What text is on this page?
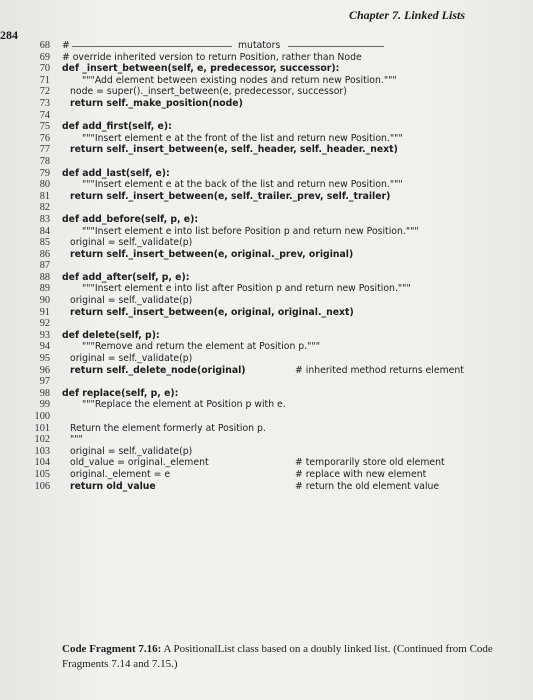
284
Chapter 7. Linked Lists
68 #	mutators
69 # override inherited version to return Position, rather than Node
70 def _insert_between(self, e, predecessor, successor):
71	"""Add element between existing nodes and return new Position."""
72 node = super()._insert_between(e, predecessor, successor)
73 return self._make_position(node)
74
75 def add_first(self, e):
76	"""Insert element e at the front of the list and return new Position."""
77 return self._insert_between(e, self._header, self._header._next)
78
79 def add_last(self, e):
80	"""Insert element e at the back of the list and return new Position."""
81 return self._insert_between(e, self._trailer._prev, self._trailer)
82
83 def add_before(self, p, e):
84	"""Insert element e into list before Position p and return new Position."""
85 original = self._validate(p)
86 return self._insert_between(e, original._prev, original)
87
88 def add_after(self, p, e):
89	"""Insert element e into list after Position p and return new Position."""
90 original = self._validate(p)
91 return self._insert_between(e, original, original._next)
92
93 def delete(self, p):
94	"""Remove and return the element at Position p."""
95 original = self._validate(p)
96 return self._delete_node(original)	# inherited method returns element
97
98 def replace(self, p, e):
99	"""Replace the element at Position p with e.
100
101 Return the element formerly at Position p.
102 """
103 original = self._validate(p)
104 old_value = original._element	# temporarily store old element
105 original._element = e	# replace with new element
106 return old_value	# return the old element value
Code Fragment 7.16: A PositionalList class based on a doubly linked list. (Continued from Code Fragments 7.14 and 7.15.)
